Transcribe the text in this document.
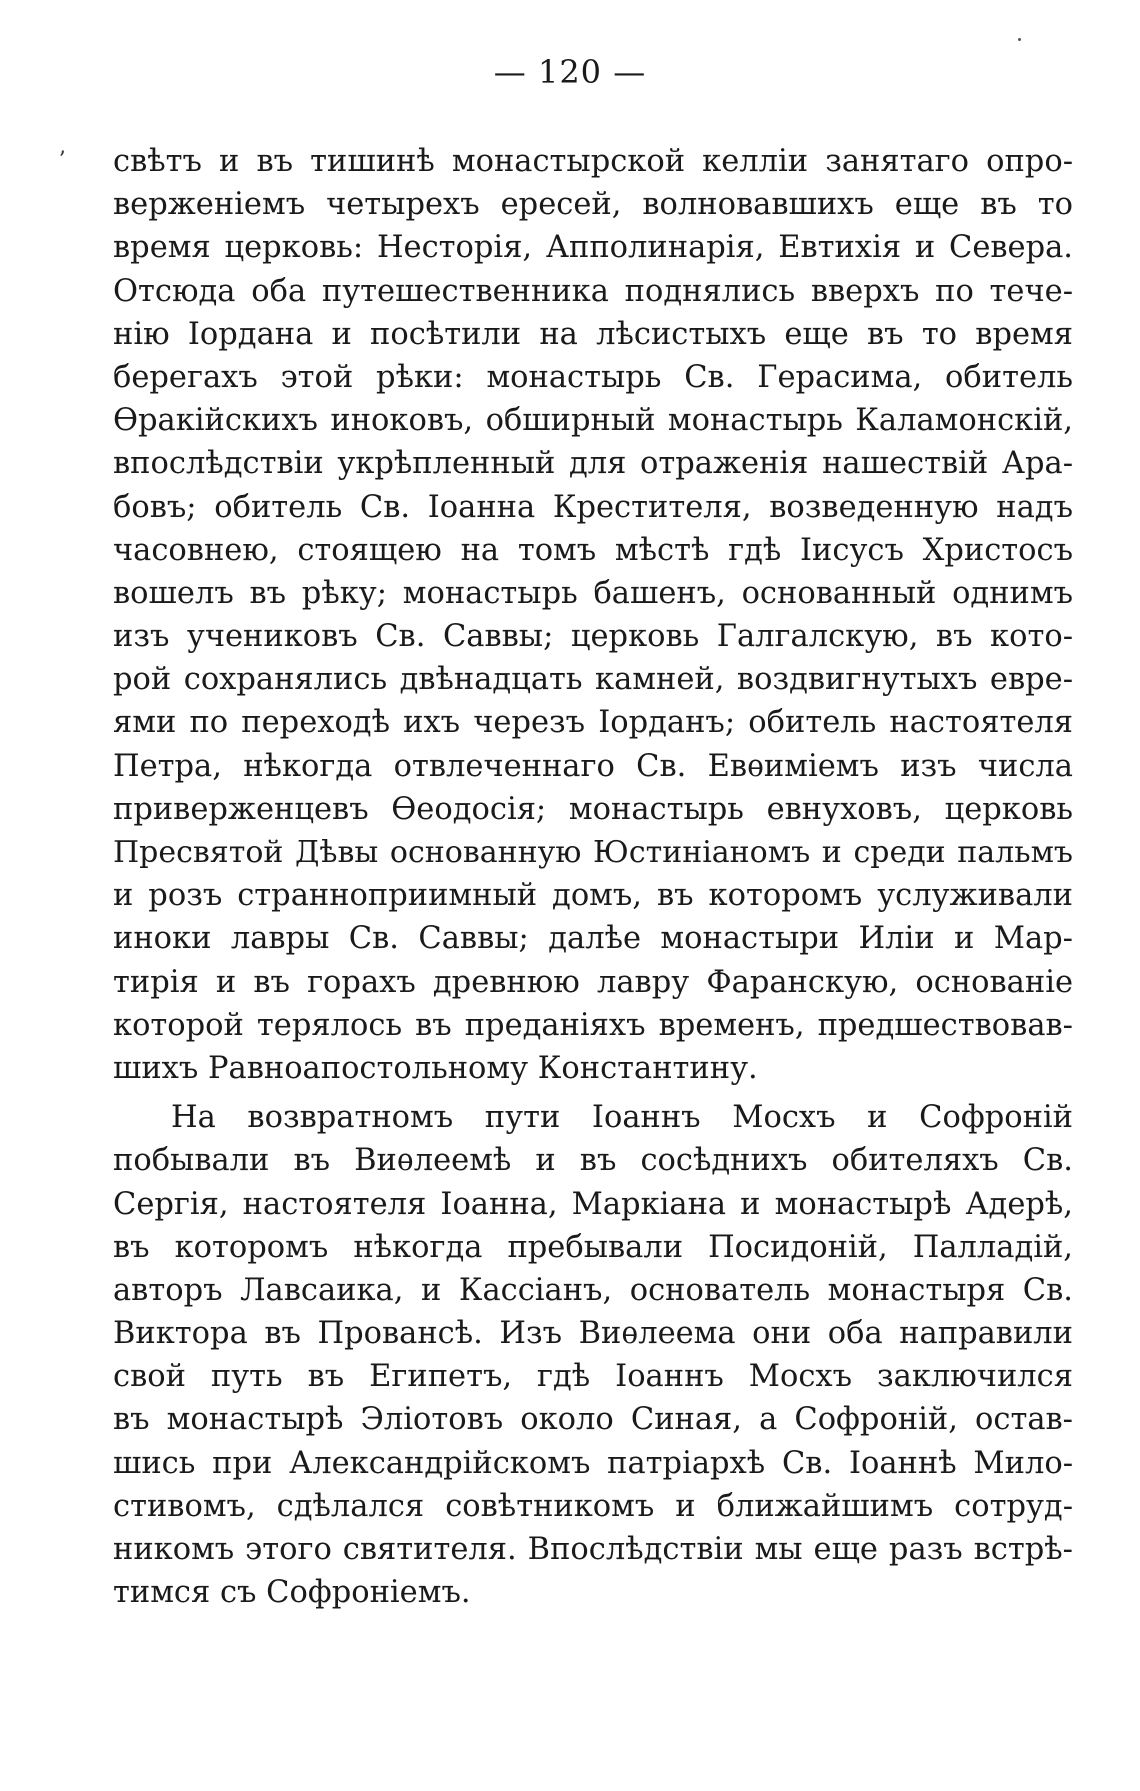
— 120 —
ʼ свѣтъ и въ тишинѣ монастырской келліи занятаго опро-
верженіемъ четырехъ ересей, волновавшихъ еще въ то
время церковь: Несторія, Апполинарія, Евтихія и Севера.
Отсюда оба путешественника поднялись вверхъ по тече-
нію Іордана и посѣтили на лѣсистыхъ еще въ то время
берегахъ этой рѣки: монастырь Св. Герасима, обитель
Ѳракійскихъ иноковъ, обширный монастырь Каламонскій,
впослѣдствіи укрѣпленный для отраженія нашествій Ара-
бовъ; обитель Св. Іоанна Крестителя, возведенную надъ
часовнею, стоящею на томъ мѣстѣ гдѣ Іисусъ Христосъ
вошелъ въ рѣку; монастырь башенъ, основанный однимъ
изъ учениковъ Св. Саввы; церковь Галгалскую, въ кото-
рой сохранялись двѣнадцать камней, воздвигнутыхъ евре-
ями по переходѣ ихъ черезъ Іорданъ; обитель настоятеля
Петра, нѣкогда отвлеченнаго Св. Евѳиміемъ изъ числа
приверженцевъ Ѳеодосія; монастырь евнуховъ, церковь
Пресвятой Дѣвы основанную Юстиніаномъ и среди пальмъ
и розъ странноприимный домъ, въ которомъ услуживали
иноки лавры Св. Саввы; далѣе монастыри Иліи и Мар-
тирія и въ горахъ древнюю лавру Фаранскую, основаніе
которой терялось въ преданіяхъ временъ, предшествовав-
шихъ Равноапостольному Константину.
На возвратномъ пути Іоаннъ Мосхъ и Софроній
побывали въ Виѳлеемѣ и въ сосѣднихъ обителяхъ Св.
Сергія, настоятеля Іоанна, Маркіана и монастырѣ Адерѣ,
въ которомъ нѣкогда пребывали Посидоній, Палладій,
авторъ Лавсаика, и Кассіанъ, основатель монастыря Св.
Виктора въ Провансѣ. Изъ Виѳлеема они оба направили
свой путь въ Египетъ, гдѣ Іоаннъ Мосхъ заключился
въ монастырѣ Эліотовъ около Синая, а Софроній, остав-
шись при Александрійскомъ патріархѣ Св. Іоаннѣ Мило-
стивомъ, сдѣлался совѣтникомъ и ближайшимъ сотруд-
никомъ этого святителя. Впослѣдствіи мы еще разъ встрѣ-
тимся съ Софроніемъ.
